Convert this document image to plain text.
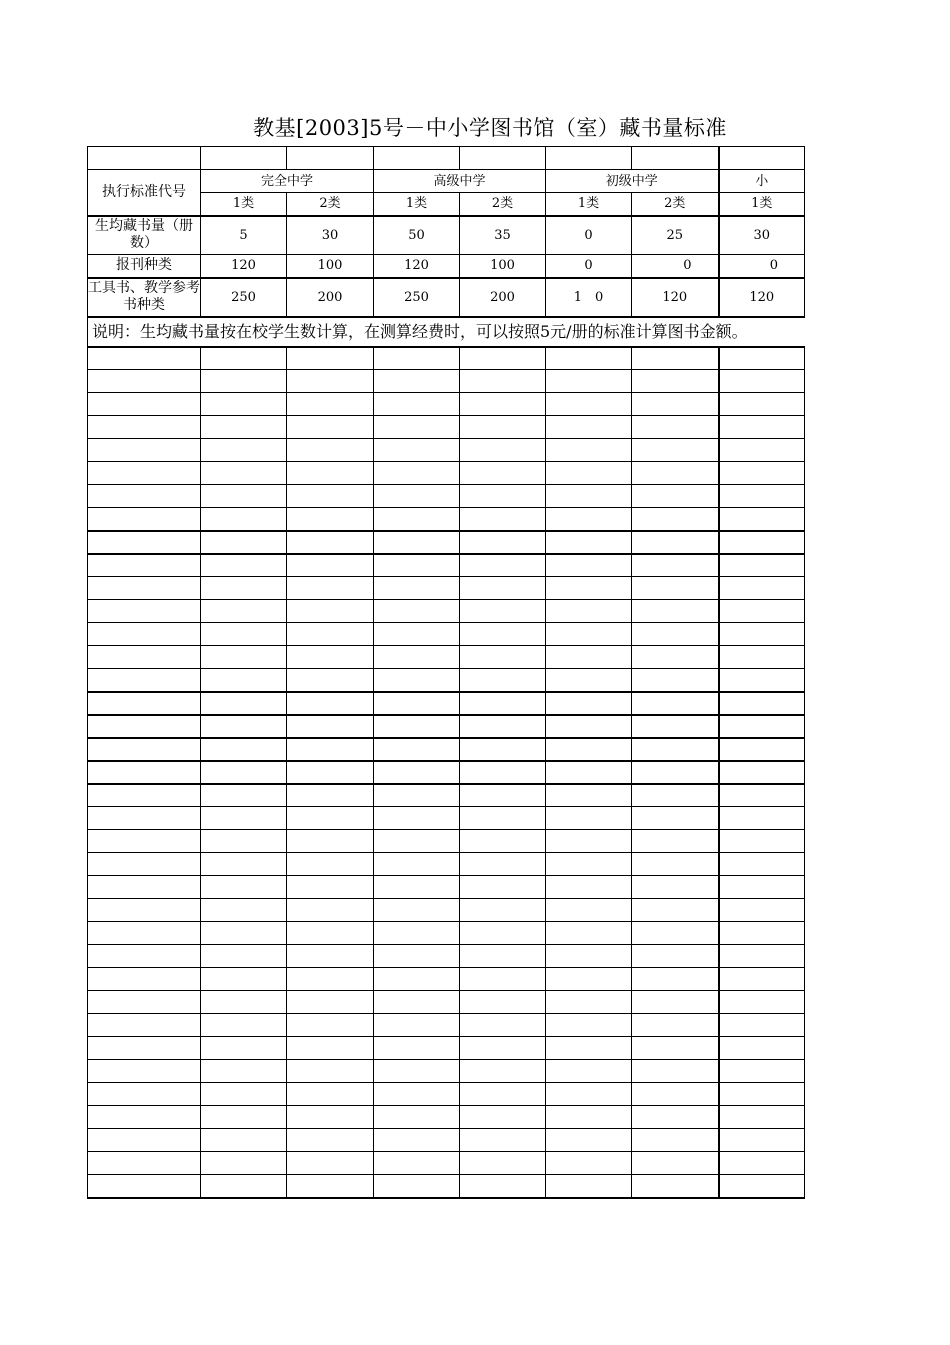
教基[2003]5号－中小学图书馆（室）藏书量标准

执行标准代号	完全中学		高级中学		初级中学		小
	1类	2类	1类	2类	1类	2类	1类
生均藏书量（册数）	5	30	50	35	0	25	30
报刊种类	120	100	120	100	0	0	0
工具书、教学参考书种类	250	200	250	200	1　0	120	120
说明：生均藏书量按在校学生数计算，在测算经费时，可以按照5元/册的标准计算图书金额。							
